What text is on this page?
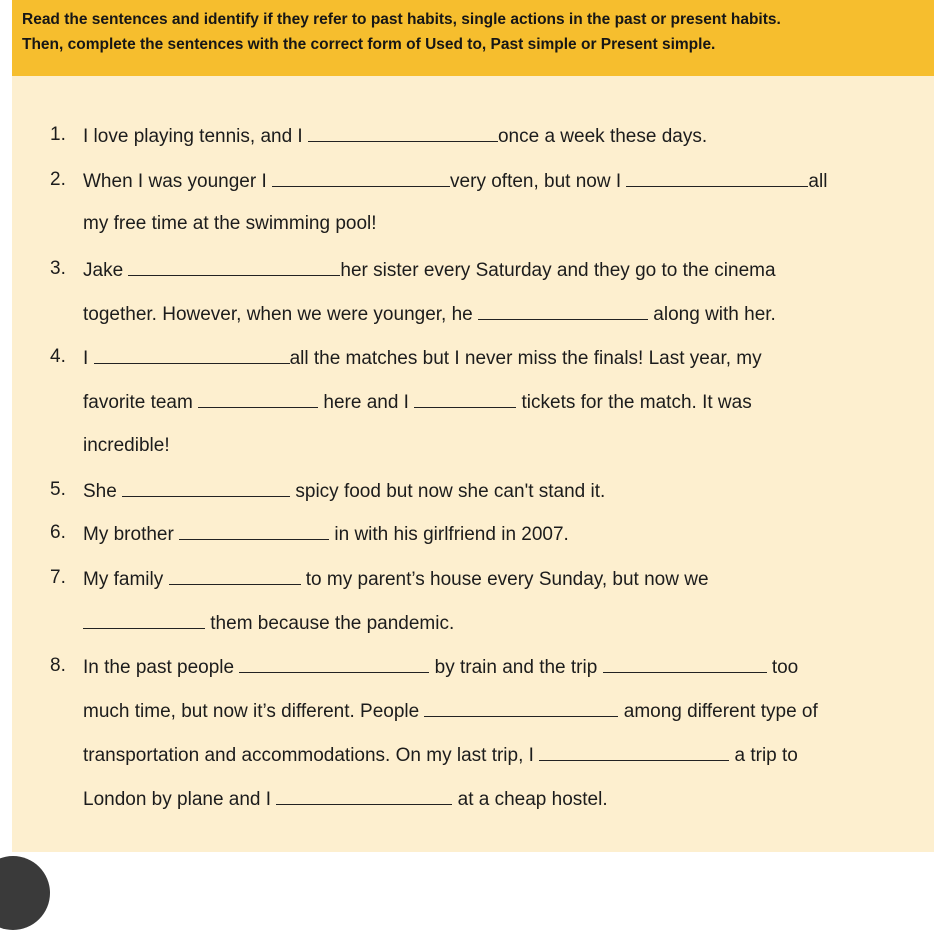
Read the sentences and identify if they refer to past habits, single actions in the past or present habits.
Then, complete the sentences with the correct form of Used to, Past simple or Present simple.
1. I love playing tennis, and I	once a week these days.
2. When I was younger I	very often, but now I	all
my free time at the swimming pool!
3. Jake	her sister every Saturday and they go to the cinema
together. However, when we were younger, he	along with her.
4. I	all the matches but I never miss the finals! Last year, my
favorite team	here and I	tickets for the match. It was
incredible!
5. She	spicy food but now she can't stand it.
6. My brother	in with his girlfriend in 2007.
7. My family	to my parent’s house every Sunday, but now we
them because the pandemic.
8. In the past people	by train and the trip	too
much time, but now it’s different. People	among different type of
transportation and accommodations. On my last trip, I	a trip to
London by plane and I	at a cheap hostel.
